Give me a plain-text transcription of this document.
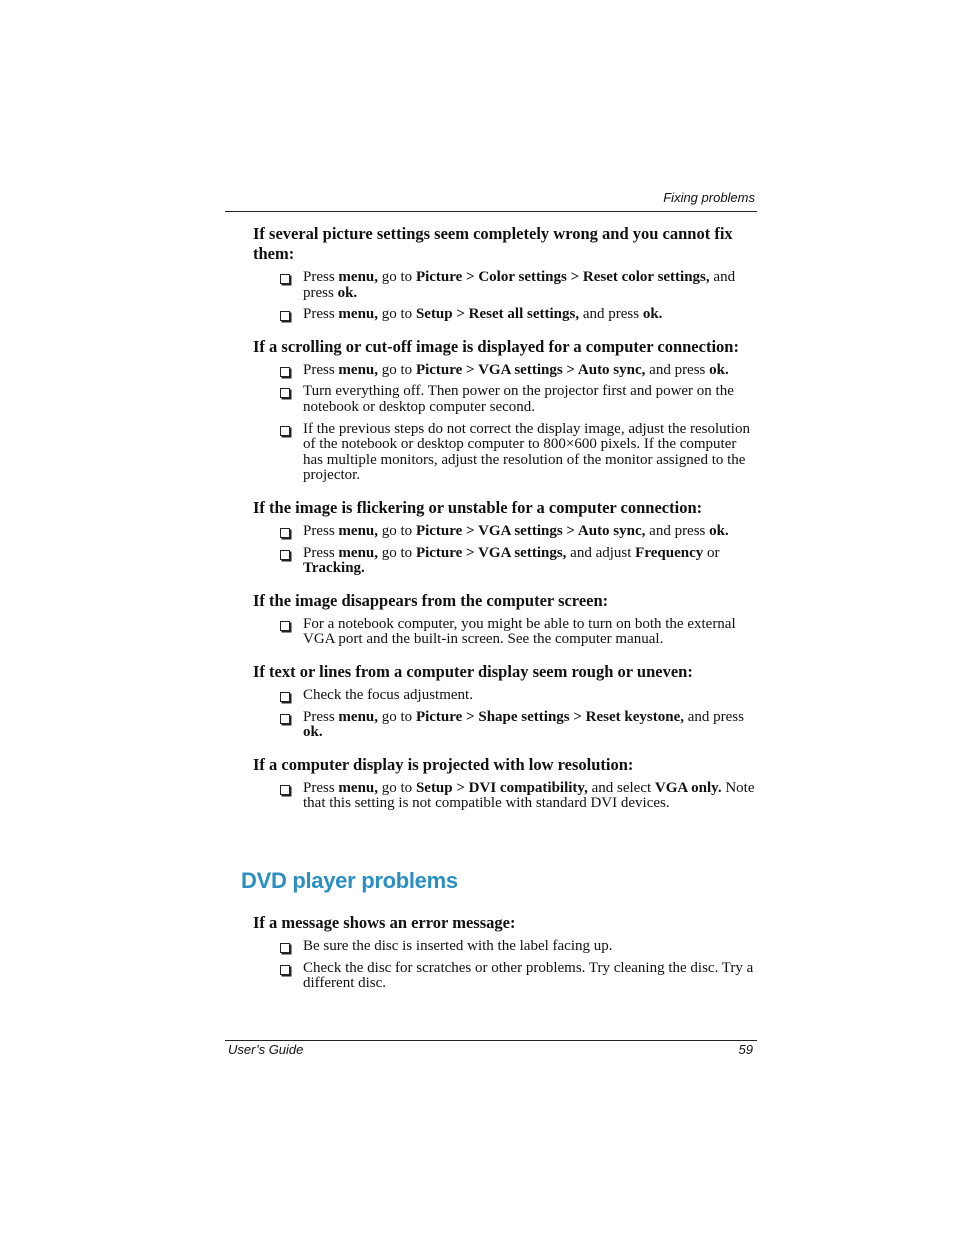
Fixing problems
If several picture settings seem completely wrong and you cannot fix them:
Press menu, go to Picture > Color settings > Reset color settings, and press ok.
Press menu, go to Setup > Reset all settings, and press ok.
If a scrolling or cut-off image is displayed for a computer connection:
Press menu, go to Picture > VGA settings > Auto sync, and press ok.
Turn everything off. Then power on the projector first and power on the notebook or desktop computer second.
If the previous steps do not correct the display image, adjust the resolution of the notebook or desktop computer to 800×600 pixels. If the computer has multiple monitors, adjust the resolution of the monitor assigned to the projector.
If the image is flickering or unstable for a computer connection:
Press menu, go to Picture > VGA settings > Auto sync, and press ok.
Press menu, go to Picture > VGA settings, and adjust Frequency or Tracking.
If the image disappears from the computer screen:
For a notebook computer, you might be able to turn on both the external VGA port and the built-in screen. See the computer manual.
If text or lines from a computer display seem rough or uneven:
Check the focus adjustment.
Press menu, go to Picture > Shape settings > Reset keystone, and press ok.
If a computer display is projected with low resolution:
Press menu, go to Setup > DVI compatibility, and select VGA only. Note that this setting is not compatible with standard DVI devices.
DVD player problems
If a message shows an error message:
Be sure the disc is inserted with the label facing up.
Check the disc for scratches or other problems. Try cleaning the disc. Try a different disc.
User’s Guide	59
